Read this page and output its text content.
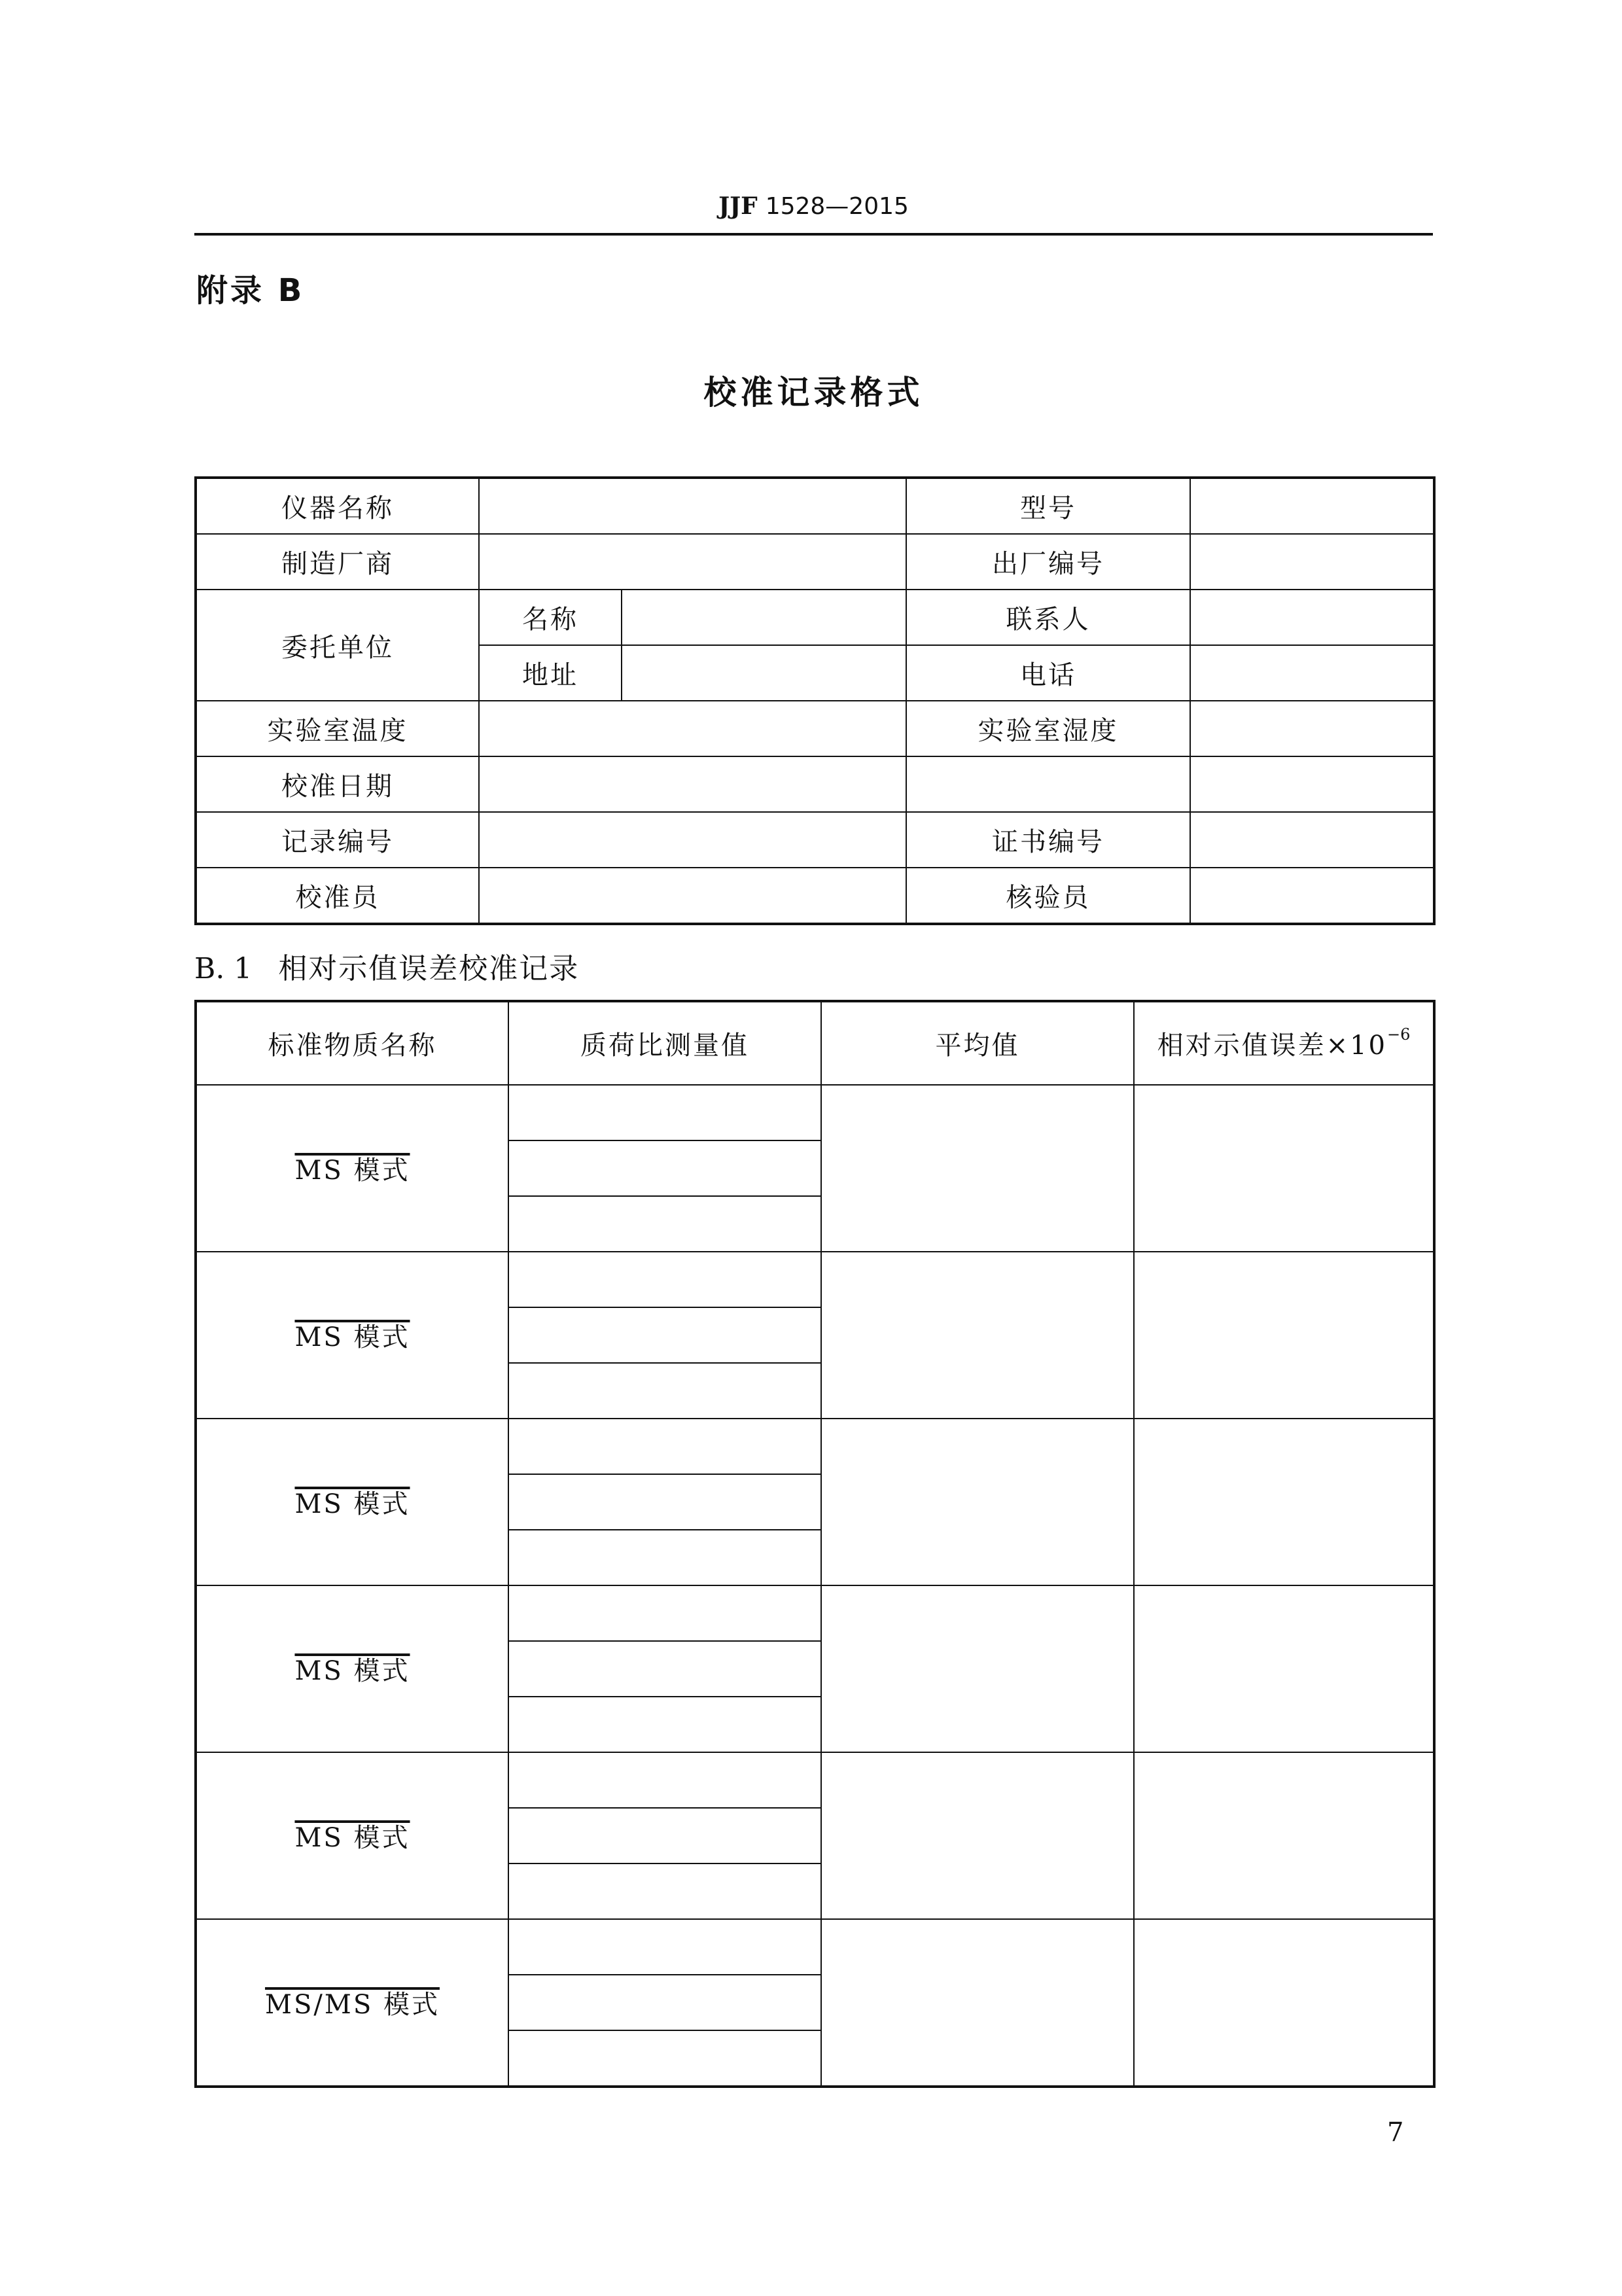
JJF 1528—2015
附录 B
校准记录格式
仪器名称			型号	
制造厂商			出厂编号	
委托单位	名称		联系人	
	地址		电话	
实验室温度			实验室湿度	
校准日期				
记录编号			证书编号	
校准员			核验员	
B. 1 相对示值误差校准记录
标准物质名称	质荷比测量值	平均值	相对示值误差$\times 10^{-6}$
MS 模式			

MS 模式			

MS 模式			

MS 模式			

MS 模式			

MS/MS 模式			

7
